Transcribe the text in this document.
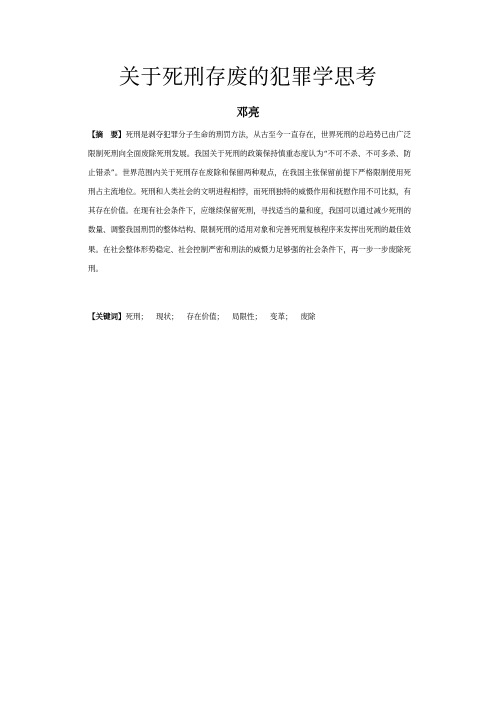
关于死刑存废的犯罪学思考
邓亮

【摘　要】死刑是剥夺犯罪分子生命的刑罚方法，从古至今一直存在，世界死刑的总趋势已由广泛限制死刑向全面废除死刑发展。我国关于死刑的政策保持慎重态度认为“不可不杀、不可多杀、防止错杀”。世界范围内关于死刑存在废除和保留两种观点，在我国主张保留前提下严格限制使用死刑占主流地位。死刑和人类社会的文明进程相悖，而死刑独特的威慑作用和抚慰作用不可比拟，有其存在价值。在现有社会条件下，应继续保留死刑，寻找适当的量和度，我国可以通过减少死刑的数量、调整我国刑罚的整体结构、限制死刑的适用对象和完善死刑复核程序来发挥出死刑的最佳效果。在社会整体形势稳定、社会控制严密和刑法的威慑力足够强的社会条件下，再一步一步废除死刑。

【关键词】死刑； 现状； 存在价值； 局限性； 变革； 废除
